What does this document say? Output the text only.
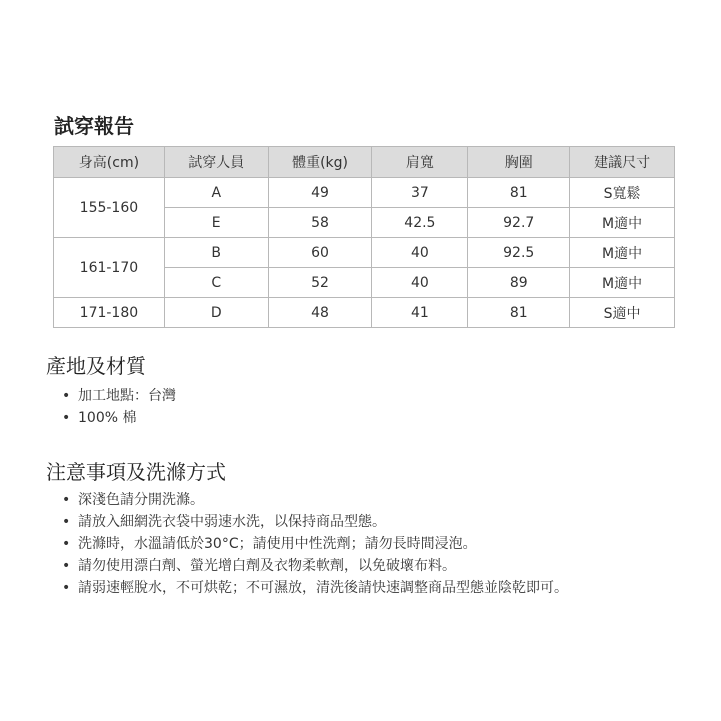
試穿報告
身高(cm)	試穿人員	體重(kg)	肩寬	胸圍	建議尺寸
155-160	A	49	37	81	S寬鬆
	E	58	42.5	92.7	M適中
161-170	B	60	40	92.5	M適中
	C	52	40	89	M適中
171-180	D	48	41	81	S適中
產地及材質
• 加工地點：台灣
• 100% 棉
注意事項及洗滌方式
• 深淺色請分開洗滌。
• 請放入細網洗衣袋中弱速水洗，以保持商品型態。
• 洗滌時，水溫請低於30°C；請使用中性洗劑；請勿長時間浸泡。
• 請勿使用漂白劑、螢光增白劑及衣物柔軟劑，以免破壞布料。
• 請弱速輕脫水，不可烘乾；不可濕放，清洗後請快速調整商品型態並陰乾即可。
